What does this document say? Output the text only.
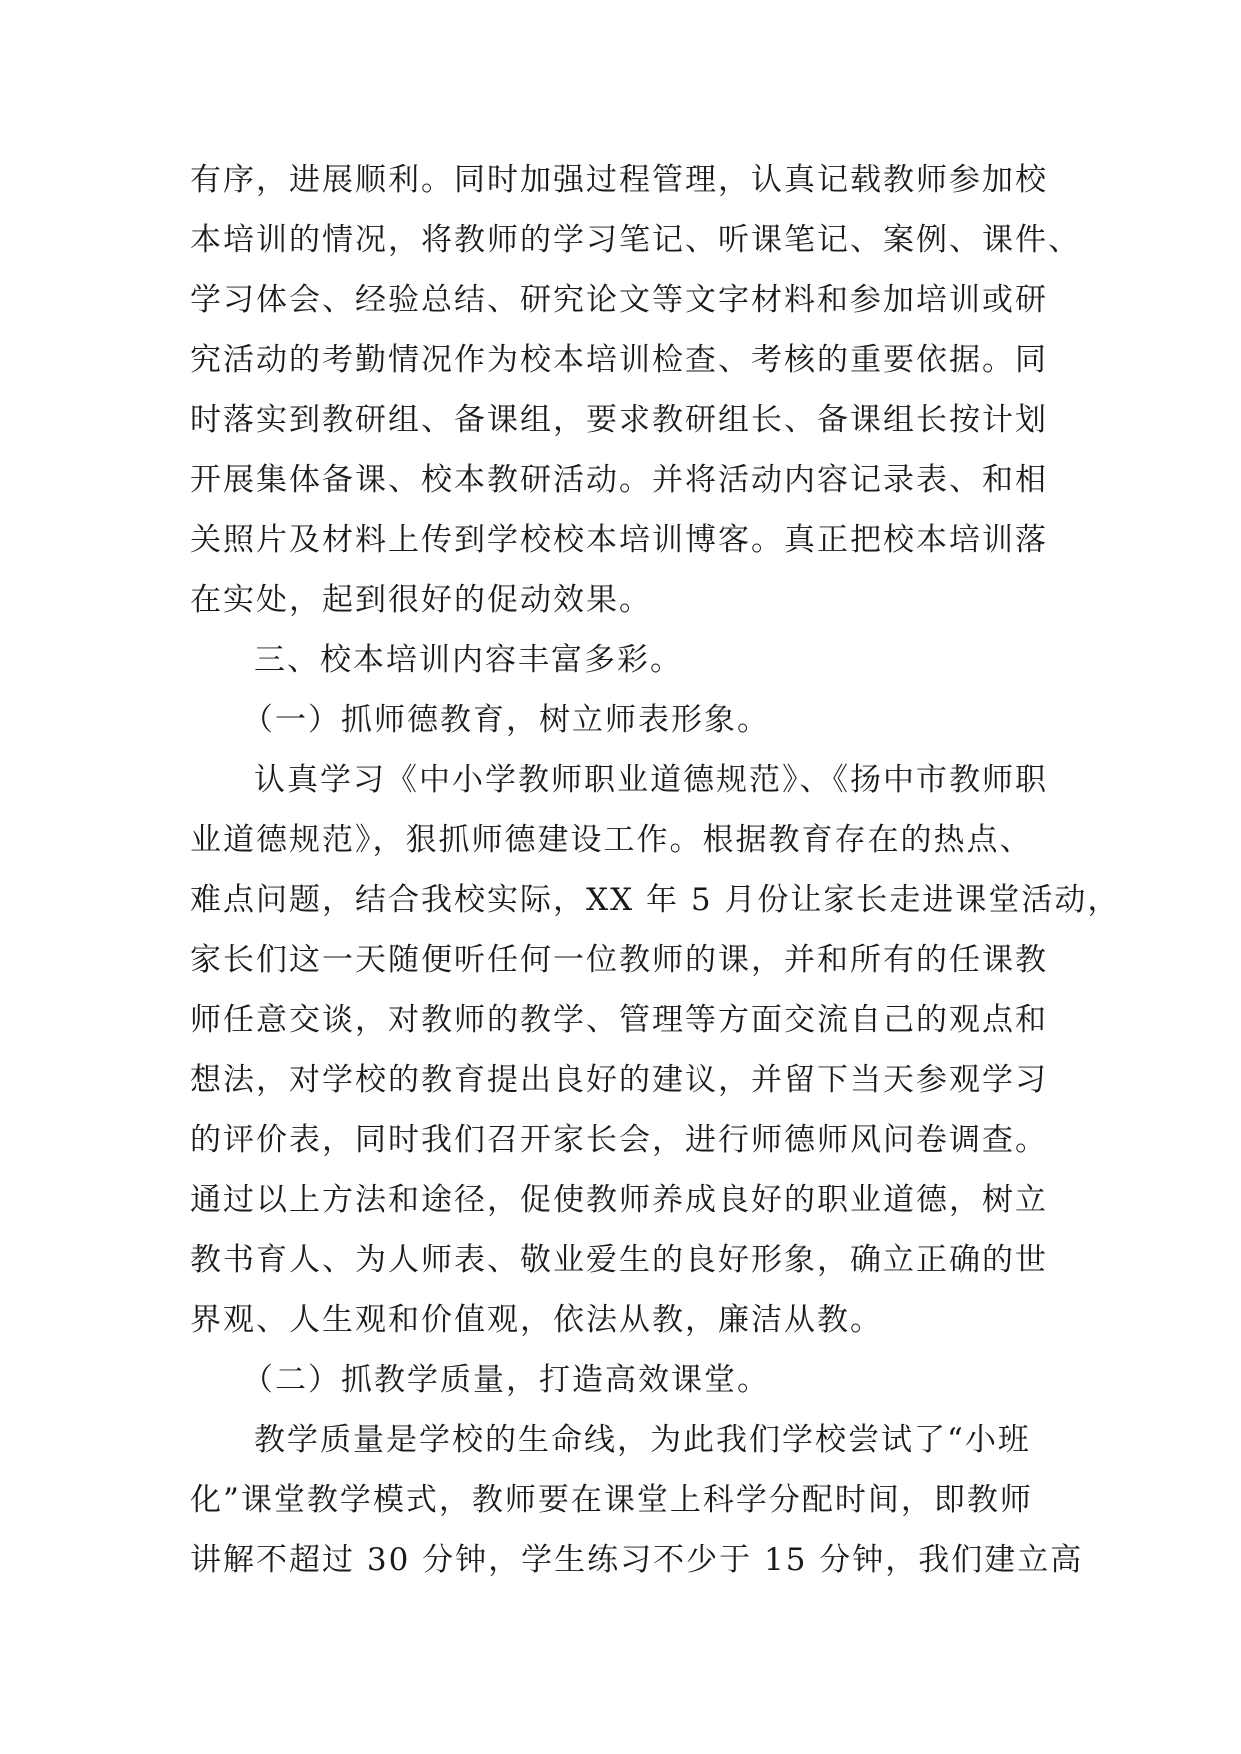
有序，进展顺利。同时加强过程管理，认真记载教师参加校
本培训的情况，将教师的学习笔记、听课笔记、案例、课件、
学习体会、经验总结、研究论文等文字材料和参加培训或研
究活动的考勤情况作为校本培训检查、考核的重要依据。同
时落实到教研组、备课组，要求教研组长、备课组长按计划
开展集体备课、校本教研活动。并将活动内容记录表、和相
关照片及材料上传到学校校本培训博客。真正把校本培训落
在实处，起到很好的促动效果。
三、校本培训内容丰富多彩。
（一）抓师德教育，树立师表形象。
认真学习《中小学教师职业道德规范》、《扬中市教师职
业道德规范》，狠抓师德建设工作。根据教育存在的热点、
难点问题，结合我校实际，XX 年 5 月份让家长走进课堂活动，
家长们这一天随便听任何一位教师的课，并和所有的任课教
师任意交谈，对教师的教学、管理等方面交流自己的观点和
想法，对学校的教育提出良好的建议，并留下当天参观学习
的评价表，同时我们召开家长会，进行师德师风问卷调查。
通过以上方法和途径，促使教师养成良好的职业道德，树立
教书育人、为人师表、敬业爱生的良好形象，确立正确的世
界观、人生观和价值观，依法从教，廉洁从教。
（二）抓教学质量，打造高效课堂。
教学质量是学校的生命线，为此我们学校尝试了“小班
化”课堂教学模式，教师要在课堂上科学分配时间，即教师
讲解不超过 30 分钟，学生练习不少于 15 分钟，我们建立高
